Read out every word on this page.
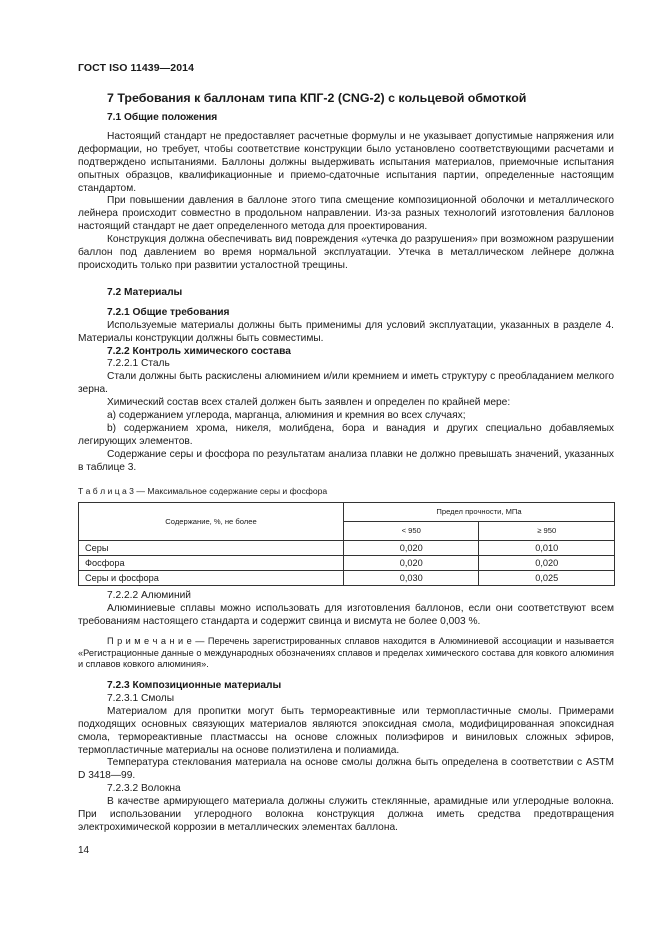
ГОСТ ISO 11439—2014
7 Требования к баллонам типа КПГ-2 (CNG-2) с кольцевой обмоткой
7.1 Общие положения

Настоящий стандарт не предоставляет расчетные формулы и не указывает допустимые напряжения или деформации, но требует, чтобы соответствие конструкции было установлено соответствующими расчетами и подтверждено испытаниями. Баллоны должны выдерживать испытания материалов, приемочные испытания опытных образцов, квалификационные и приемо-сдаточные испытания партии, определенные настоящим стандартом.

При повышении давления в баллоне этого типа смещение композиционной оболочки и металлического лейнера происходит совместно в продольном направлении. Из-за разных технологий изготовления баллонов настоящий стандарт не дает определенного метода для проектирования.

Конструкция должна обеспечивать вид повреждения «утечка до разрушения» при возможном разрушении баллон под давлением во время нормальной эксплуатации. Утечка в металлическом лейнере должна происходить только при развитии усталостной трещины.

7.2 Материалы
7.2.1 Общие требования

Используемые материалы должны быть применимы для условий эксплуатации, указанных в разделе 4. Материалы конструкции должны быть совместимы.

7.2.2 Контроль химического состава
7.2.2.1 Сталь

Стали должны быть раскислены алюминием и/или кремнием и иметь структуру с преобладанием мелкого зерна.

Химический состав всех сталей должен быть заявлен и определен по крайней мере:

a) содержанием углерода, марганца, алюминия и кремния во всех случаях;

b) содержанием хрома, никеля, молибдена, бора и ванадия и других специально добавляемых легирующих элементов.

Содержание серы и фосфора по результатам анализа плавки не должно превышать значений, указанных в таблице 3.

Т а б л и ц а 3 — Максимальное содержание серы и фосфора
Содержание, %, не более	Предел прочности, МПа	
	< 950	≥ 950
Серы	0,020	0,010
Фосфора	0,020	0,020
Серы и фосфора	0,030	0,025
7.2.2.2 Алюминий

Алюминиевые сплавы можно использовать для изготовления баллонов, если они соответствуют всем требованиям настоящего стандарта и содержит свинца и висмута не более 0,003 %.

П р и м е ч а н и е — Перечень зарегистрированных сплавов находится в Алюминиевой ассоциации и называется «Регистрационные данные о международных обозначениях сплавов и пределах химического состава для ковкого алюминия и сплавов ковкого алюминия».

7.2.3 Композиционные материалы
7.2.3.1 Смолы

Материалом для пропитки могут быть термореактивные или термопластичные смолы. Примерами подходящих основных связующих материалов являются эпоксидная смола, модифицированная эпоксидная смола, термореактивные пластмассы на основе сложных полиэфиров и виниловых сложных эфиров, термопластичные материалы на основе полиэтилена и полиамида.

Температура стеклования материала на основе смолы должна быть определена в соответствии с ASTM D 3418—99.

7.2.3.2 Волокна

В качестве армирующего материала должны служить стеклянные, арамидные или углеродные волокна. При использовании углеродного волокна конструкция должна иметь средства предотвращения электрохимической коррозии в металлических элементах баллона.

14
